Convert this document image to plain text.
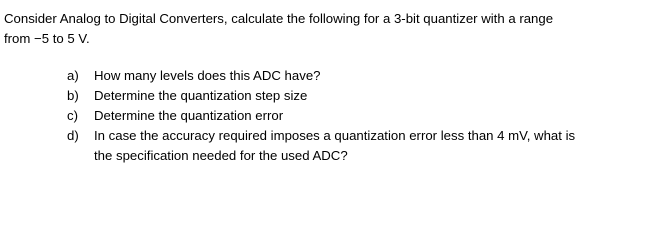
Consider Analog to Digital Converters, calculate the following for a 3-bit quantizer with a range
from −5 to 5 V.
a) How many levels does this ADC have?
b) Determine the quantization step size
c) Determine the quantization error
d) In case the accuracy required imposes a quantization error less than 4 mV, what is
the specification needed for the used ADC?
